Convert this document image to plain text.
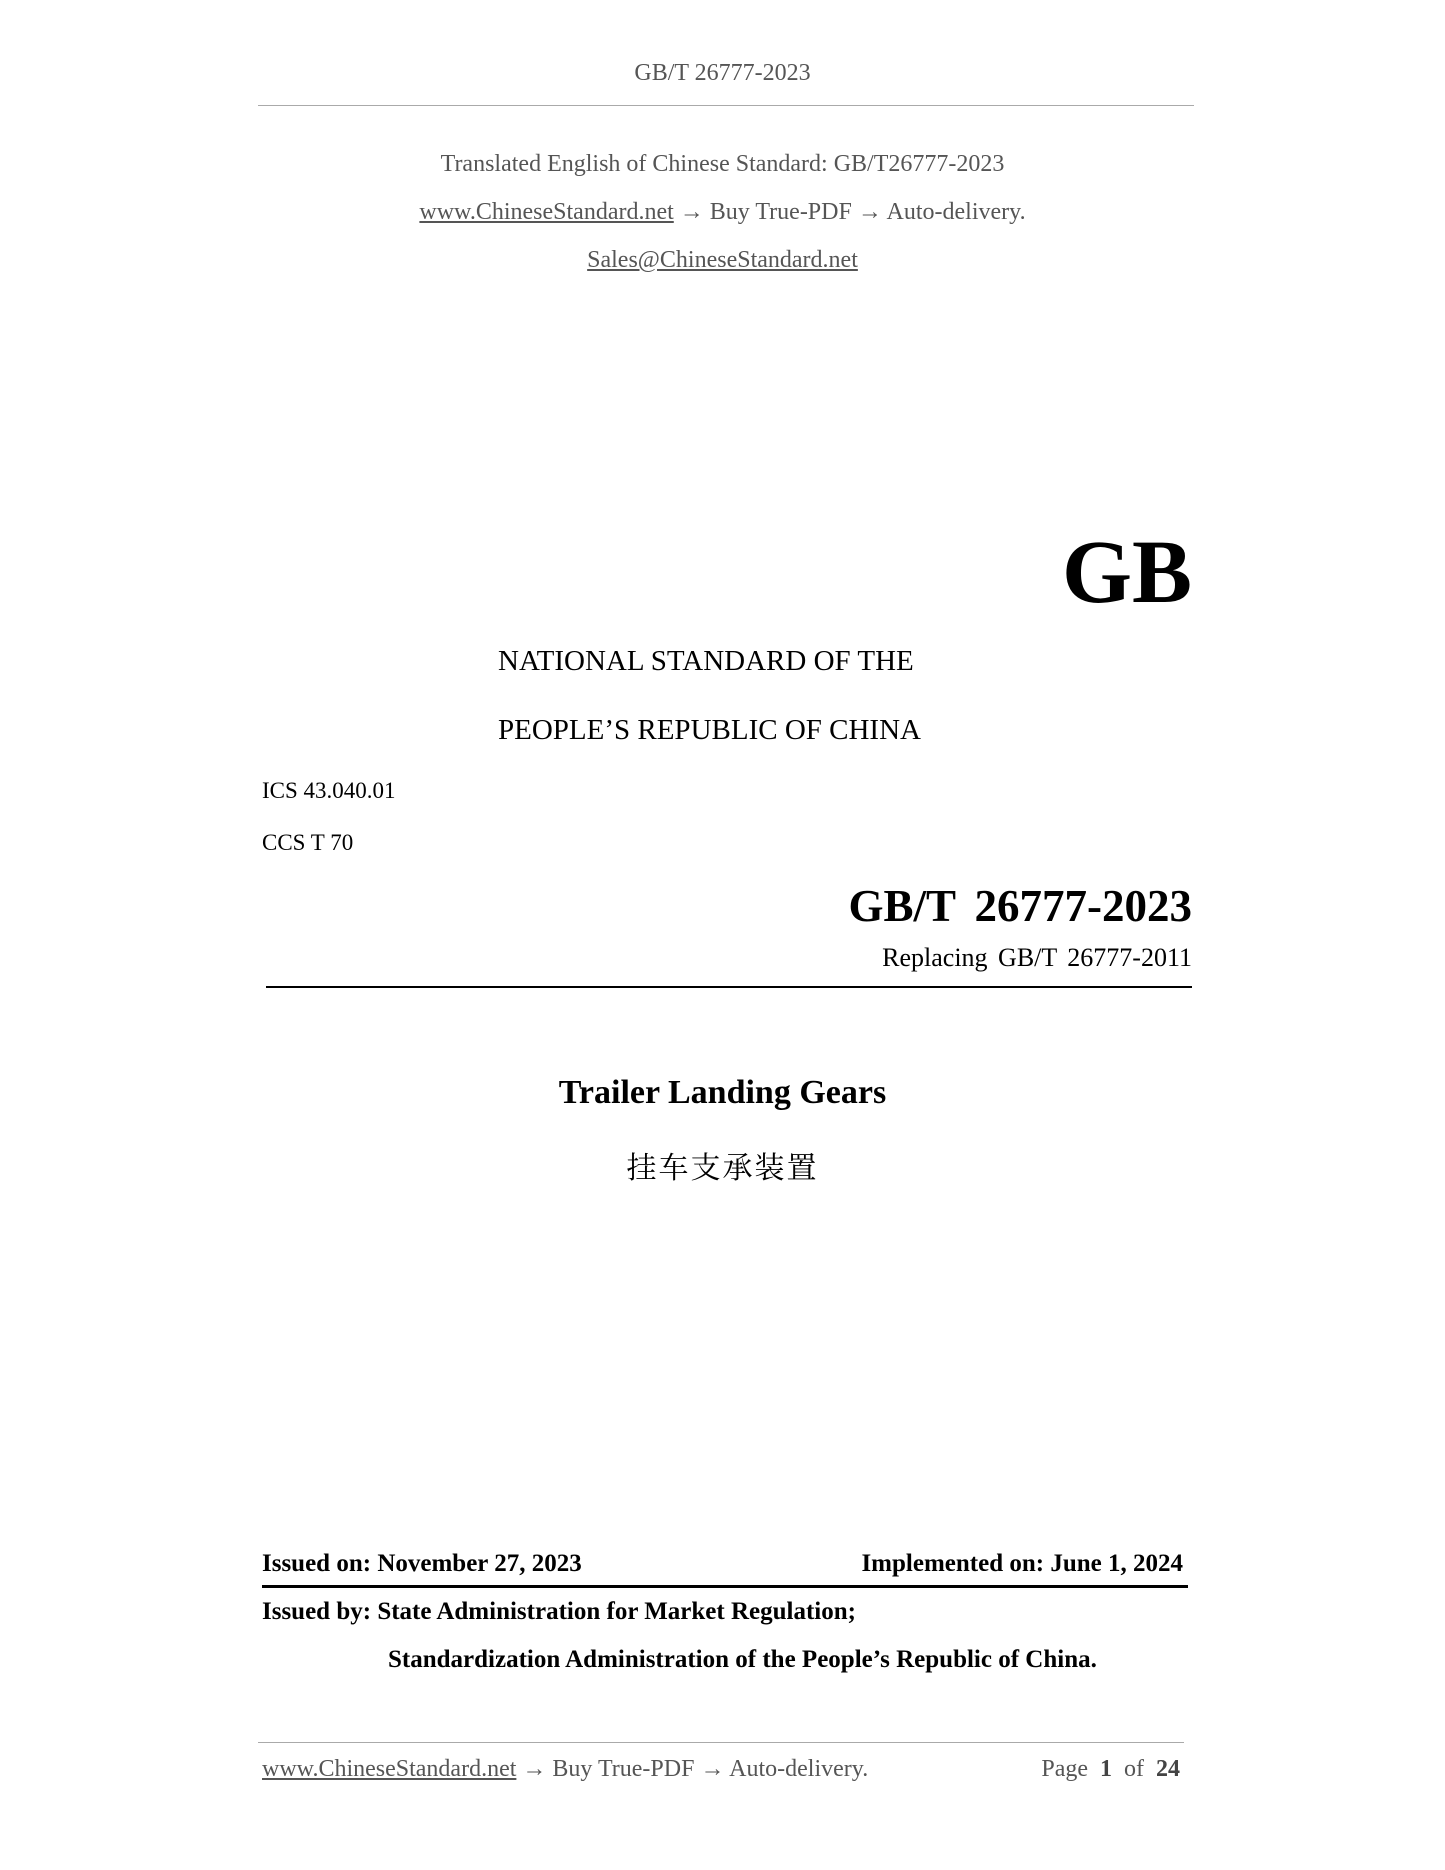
GB/T 26777-2023
Translated English of Chinese Standard: GB/T26777-2023
www.ChineseStandard.net → Buy True-PDF → Auto-delivery.
Sales@ChineseStandard.net
GB
NATIONAL STANDARD OF THE
PEOPLE’S REPUBLIC OF CHINA
ICS 43.040.01
CCS T 70
GB/T 26777-2023
Replacing GB/T 26777-2011
Trailer Landing Gears
挂车支承装置
Issued on: November 27, 2023	Implemented on: June 1, 2024
Issued by: State Administration for Market Regulation;
Standardization Administration of the People’s Republic of China.
www.ChineseStandard.net → Buy True-PDF → Auto-delivery.	Page 1 of 24
